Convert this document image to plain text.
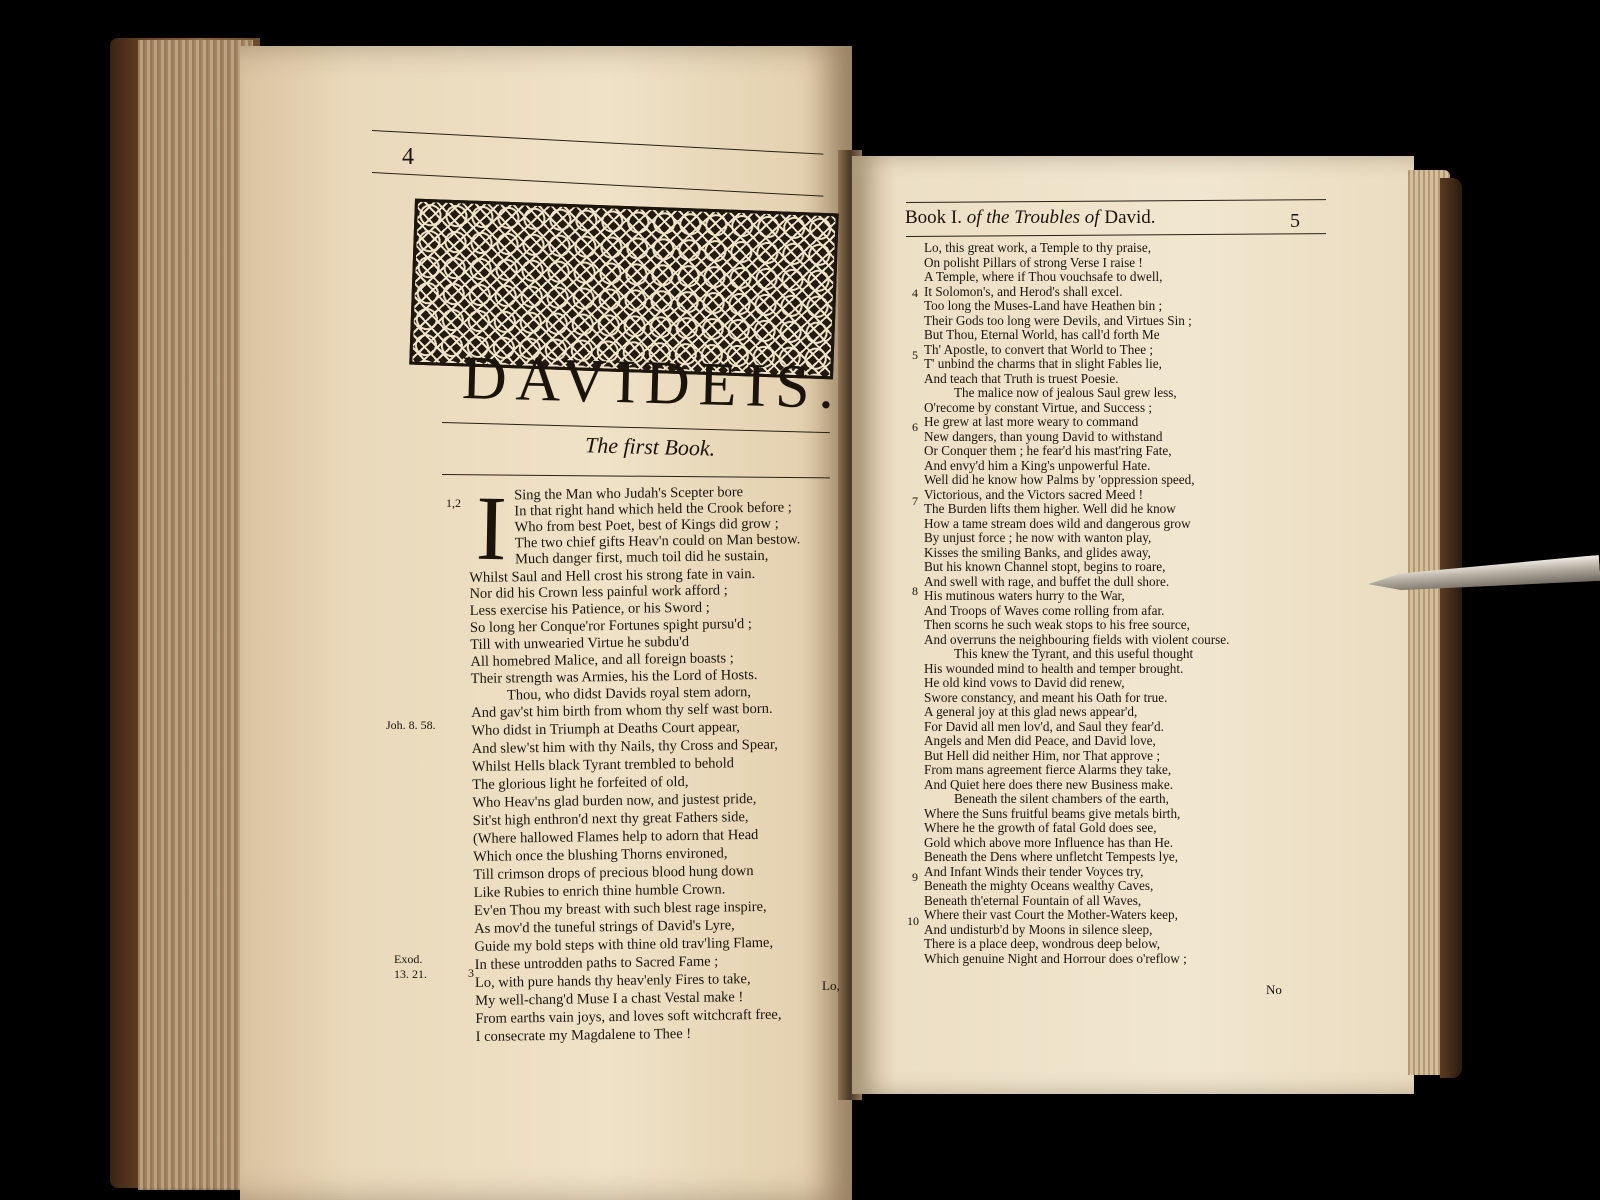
4
DAVIDEIS.
The first Book.
1,2 I
Joh. 8. 58.
Exod. 13. 21.	3
Sing the Man who Judah's Scepter bore
In that right hand which held the Crook before ;
Who from best Poet, best of Kings did grow ;
The two chief gifts Heav'n could on Man bestow.
Much danger first, much toil did he sustain,
Whilst Saul and Hell crost his strong fate in vain.
Nor did his Crown less painful work afford ;
Less exercise his Patience, or his Sword ;
So long her Conque'ror Fortunes spight pursu'd ;
Till with unwearied Virtue he subdu'd
All homebred Malice, and all foreign boasts ;
Their strength was Armies, his the Lord of Hosts.
Thou, who didst Davids royal stem adorn,
And gav'st him birth from whom thy self wast born.
Who didst in Triumph at Deaths Court appear,
And slew'st him with thy Nails, thy Cross and Spear,
Whilst Hells black Tyrant trembled to behold
The glorious light he forfeited of old,
Who Heav'ns glad burden now, and justest pride,
Sit'st high enthron'd next thy great Fathers side,
(Where hallowed Flames help to adorn that Head
Which once the blushing Thorns environed,
Till crimson drops of precious blood hung down
Like Rubies to enrich thine humble Crown.
Ev'en Thou my breast with such blest rage inspire,
As mov'd the tuneful strings of David's Lyre,
Guide my bold steps with thine old trav'ling Flame,
In these untrodden paths to Sacred Fame ;
Lo, with pure hands thy heav'enly Fires to take,
My well-chang'd Muse I a chast Vestal make !
From earths vain joys, and loves soft witchcraft free,
I consecrate my Magdalene to Thee !
Lo,
Book I. of the Troubles of David.	5
4
5
6
7
8
9
10
Lo, this great work, a Temple to thy praise,
On polisht Pillars of strong Verse I raise !
A Temple, where if Thou vouchsafe to dwell,
It Solomon's, and Herod's shall excel.
Too long the Muses-Land have Heathen bin ;
Their Gods too long were Devils, and Virtues Sin ;
But Thou, Eternal World, has call'd forth Me
Th' Apostle, to convert that World to Thee ;
T' unbind the charms that in slight Fables lie,
And teach that Truth is truest Poesie.
The malice now of jealous Saul grew less,
O'recome by constant Virtue, and Success ;
He grew at last more weary to command
New dangers, than young David to withstand
Or Conquer them ; he fear'd his mast'ring Fate,
And envy'd him a King's unpowerful Hate.
Well did he know how Palms by 'oppression speed,
Victorious, and the Victors sacred Meed !
The Burden lifts them higher. Well did he know
How a tame stream does wild and dangerous grow
By unjust force ; he now with wanton play,
Kisses the smiling Banks, and glides away,
But his known Channel stopt, begins to roare,
And swell with rage, and buffet the dull shore.
His mutinous waters hurry to the War,
And Troops of Waves come rolling from afar.
Then scorns he such weak stops to his free source,
And overruns the neighbouring fields with violent course.
This knew the Tyrant, and this useful thought
His wounded mind to health and temper brought.
He old kind vows to David did renew,
Swore constancy, and meant his Oath for true.
A general joy at this glad news appear'd,
For David all men lov'd, and Saul they fear'd.
Angels and Men did Peace, and David love,
But Hell did neither Him, nor That approve ;
From mans agreement fierce Alarms they take,
And Quiet here does there new Business make.
Beneath the silent chambers of the earth,
Where the Suns fruitful beams give metals birth,
Where he the growth of fatal Gold does see,
Gold which above more Influence has than He.
Beneath the Dens where unfletcht Tempests lye,
And Infant Winds their tender Voyces try,
Beneath the mighty Oceans wealthy Caves,
Beneath th'eternal Fountain of all Waves,
Where their vast Court the Mother-Waters keep,
And undisturb'd by Moons in silence sleep,
There is a place deep, wondrous deep below,
Which genuine Night and Horrour does o'reflow ;
No
